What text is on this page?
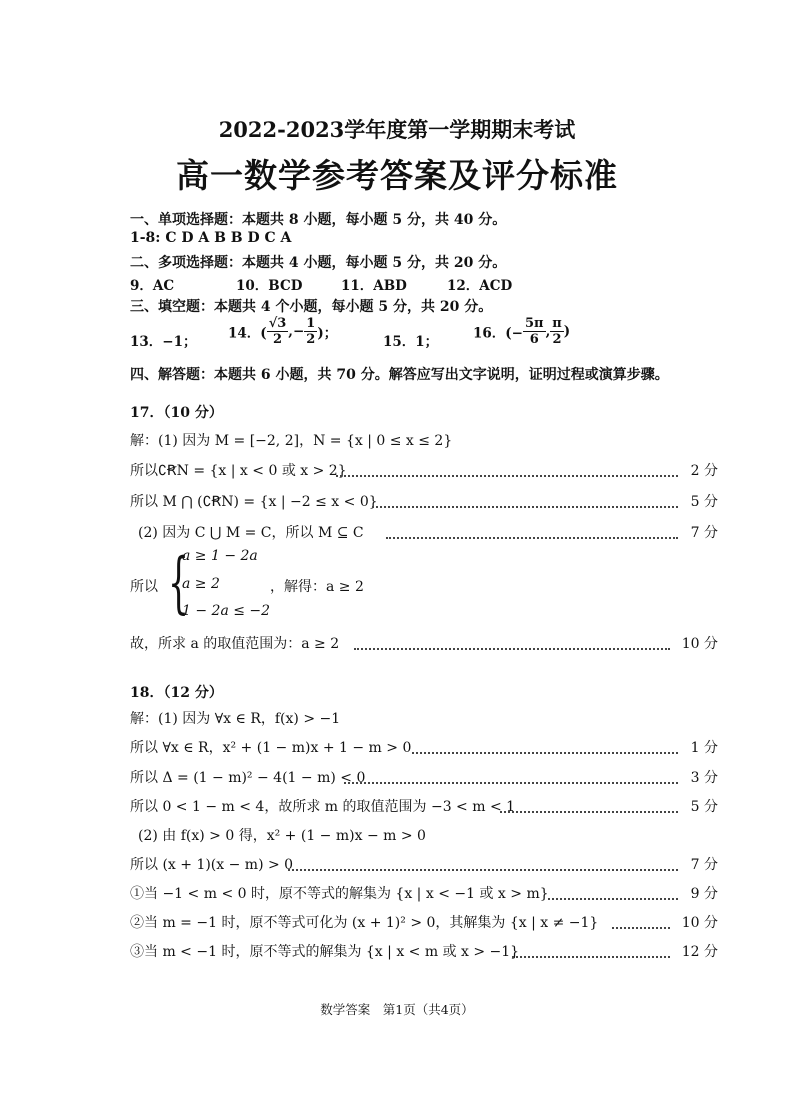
2022-2023学年度第一学期期末考试
高一数学参考答案及评分标准
一、单项选择题：本题共 8 小题，每小题 5 分，共 40 分。
1-8: C D A B B D C A
二、多项选择题：本题共 4 小题，每小题 5 分，共 20 分。
9．AC	10．BCD	11．ABD	12．ACD
三、填空题：本题共 4 个小题，每小题 5 分，共 20 分。
13．−1；
14．( $\frac{√3}{2}$ ,− $\frac{1}{2}$ )；
15．1；
16．(− $\frac{5\pi}{6}$ , $\frac{\pi}{2}$ )
四、解答题：本题共 6 小题，共 70 分。解答应写出文字说明，证明过程或演算步骤。
17．（10 分）
解：(1) 因为 M = [−2, 2]，N = {x | 0 ≤ x ≤ 2}
所以∁ꞦN = {x | x < 0 或 x > 2}	2 分
所以 M ⋂ (∁ꞦN) = {x | −2 ≤ x < 0}	5 分
(2) 因为 C ⋃ M = C，所以 M ⊆ C	7 分
所以 {
a ≥ 1 − 2a
a ≥ 2
1 − 2a ≤ −2
，解得：a ≥ 2
故，所求 a 的取值范围为：a ≥ 2	10 分
18．（12 分）
解：(1) 因为 ∀x ∈ R，f(x) > −1
所以 ∀x ∈ R，x² + (1 − m)x + 1 − m > 0	1 分
所以 Δ = (1 − m)² − 4(1 − m) < 0	3 分
所以 0 < 1 − m < 4，故所求 m 的取值范围为 −3 < m < 1	5 分
(2) 由 f(x) > 0 得，x² + (1 − m)x − m > 0
所以 (x + 1)(x − m) > 0	7 分
①当 −1 < m < 0 时，原不等式的解集为 {x | x < −1 或 x > m}	9 分
②当 m = −1 时，原不等式可化为 (x + 1)² > 0，其解集为 {x | x ≠ −1}	10 分
③当 m < −1 时，原不等式的解集为 {x | x < m 或 x > −1}	12 分
数学答案　第1页（共4页）
